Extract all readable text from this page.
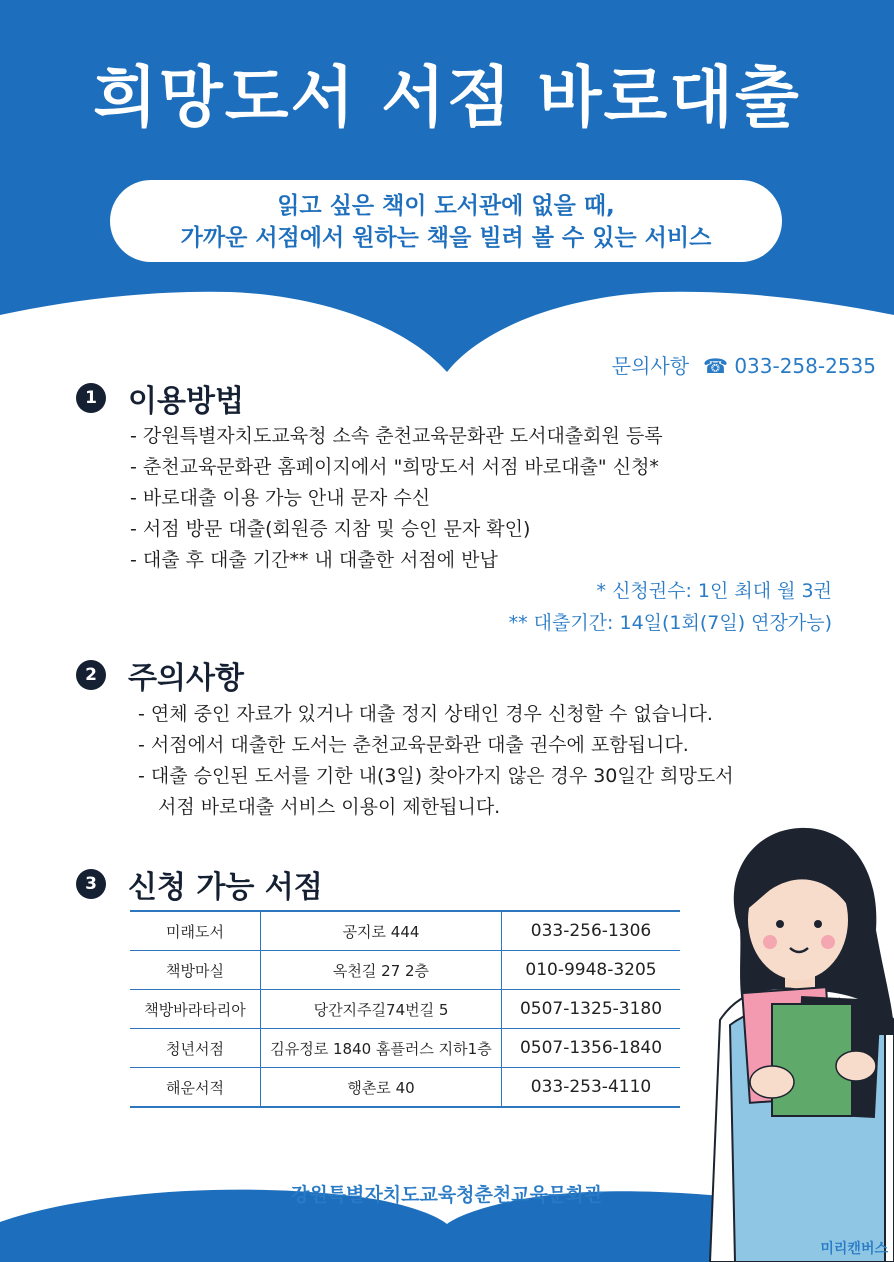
희망도서 서점 바로대출
읽고 싶은 책이 도서관에 없을 때,
가까운 서점에서 원하는 책을 빌려 볼 수 있는 서비스
문의사항 ☎ 033-258-2535
1	이용방법
- 강원특별자치도교육청 소속 춘천교육문화관 도서대출회원 등록
- 춘천교육문화관 홈페이지에서 "희망도서 서점 바로대출" 신청*
- 바로대출 이용 가능 안내 문자 수신
- 서점 방문 대출(회원증 지참 및 승인 문자 확인)
- 대출 후 대출 기간** 내 대출한 서점에 반납
* 신청권수: 1인 최대 월 3권
** 대출기간: 14일(1회(7일) 연장가능)
2	주의사항
- 연체 중인 자료가 있거나 대출 정지 상태인 경우 신청할 수 없습니다.
- 서점에서 대출한 도서는 춘천교육문화관 대출 권수에 포함됩니다.
- 대출 승인된 도서를 기한 내(3일) 찾아가지 않은 경우 30일간 희망도서
서점 바로대출 서비스 이용이 제한됩니다.
3	신청 가능 서점
미래도서	공지로 444	033-256-1306
책방마실	옥천길 27 2층	010-9948-3205
책방바라타리아	당간지주길74번길 5	0507-1325-3180
청년서점	김유정로 1840 홈플러스 지하1층	0507-1356-1840
해운서적	행촌로 40	033-253-4110
강원특별자치도교육청춘천교육문화관
미리캔버스
